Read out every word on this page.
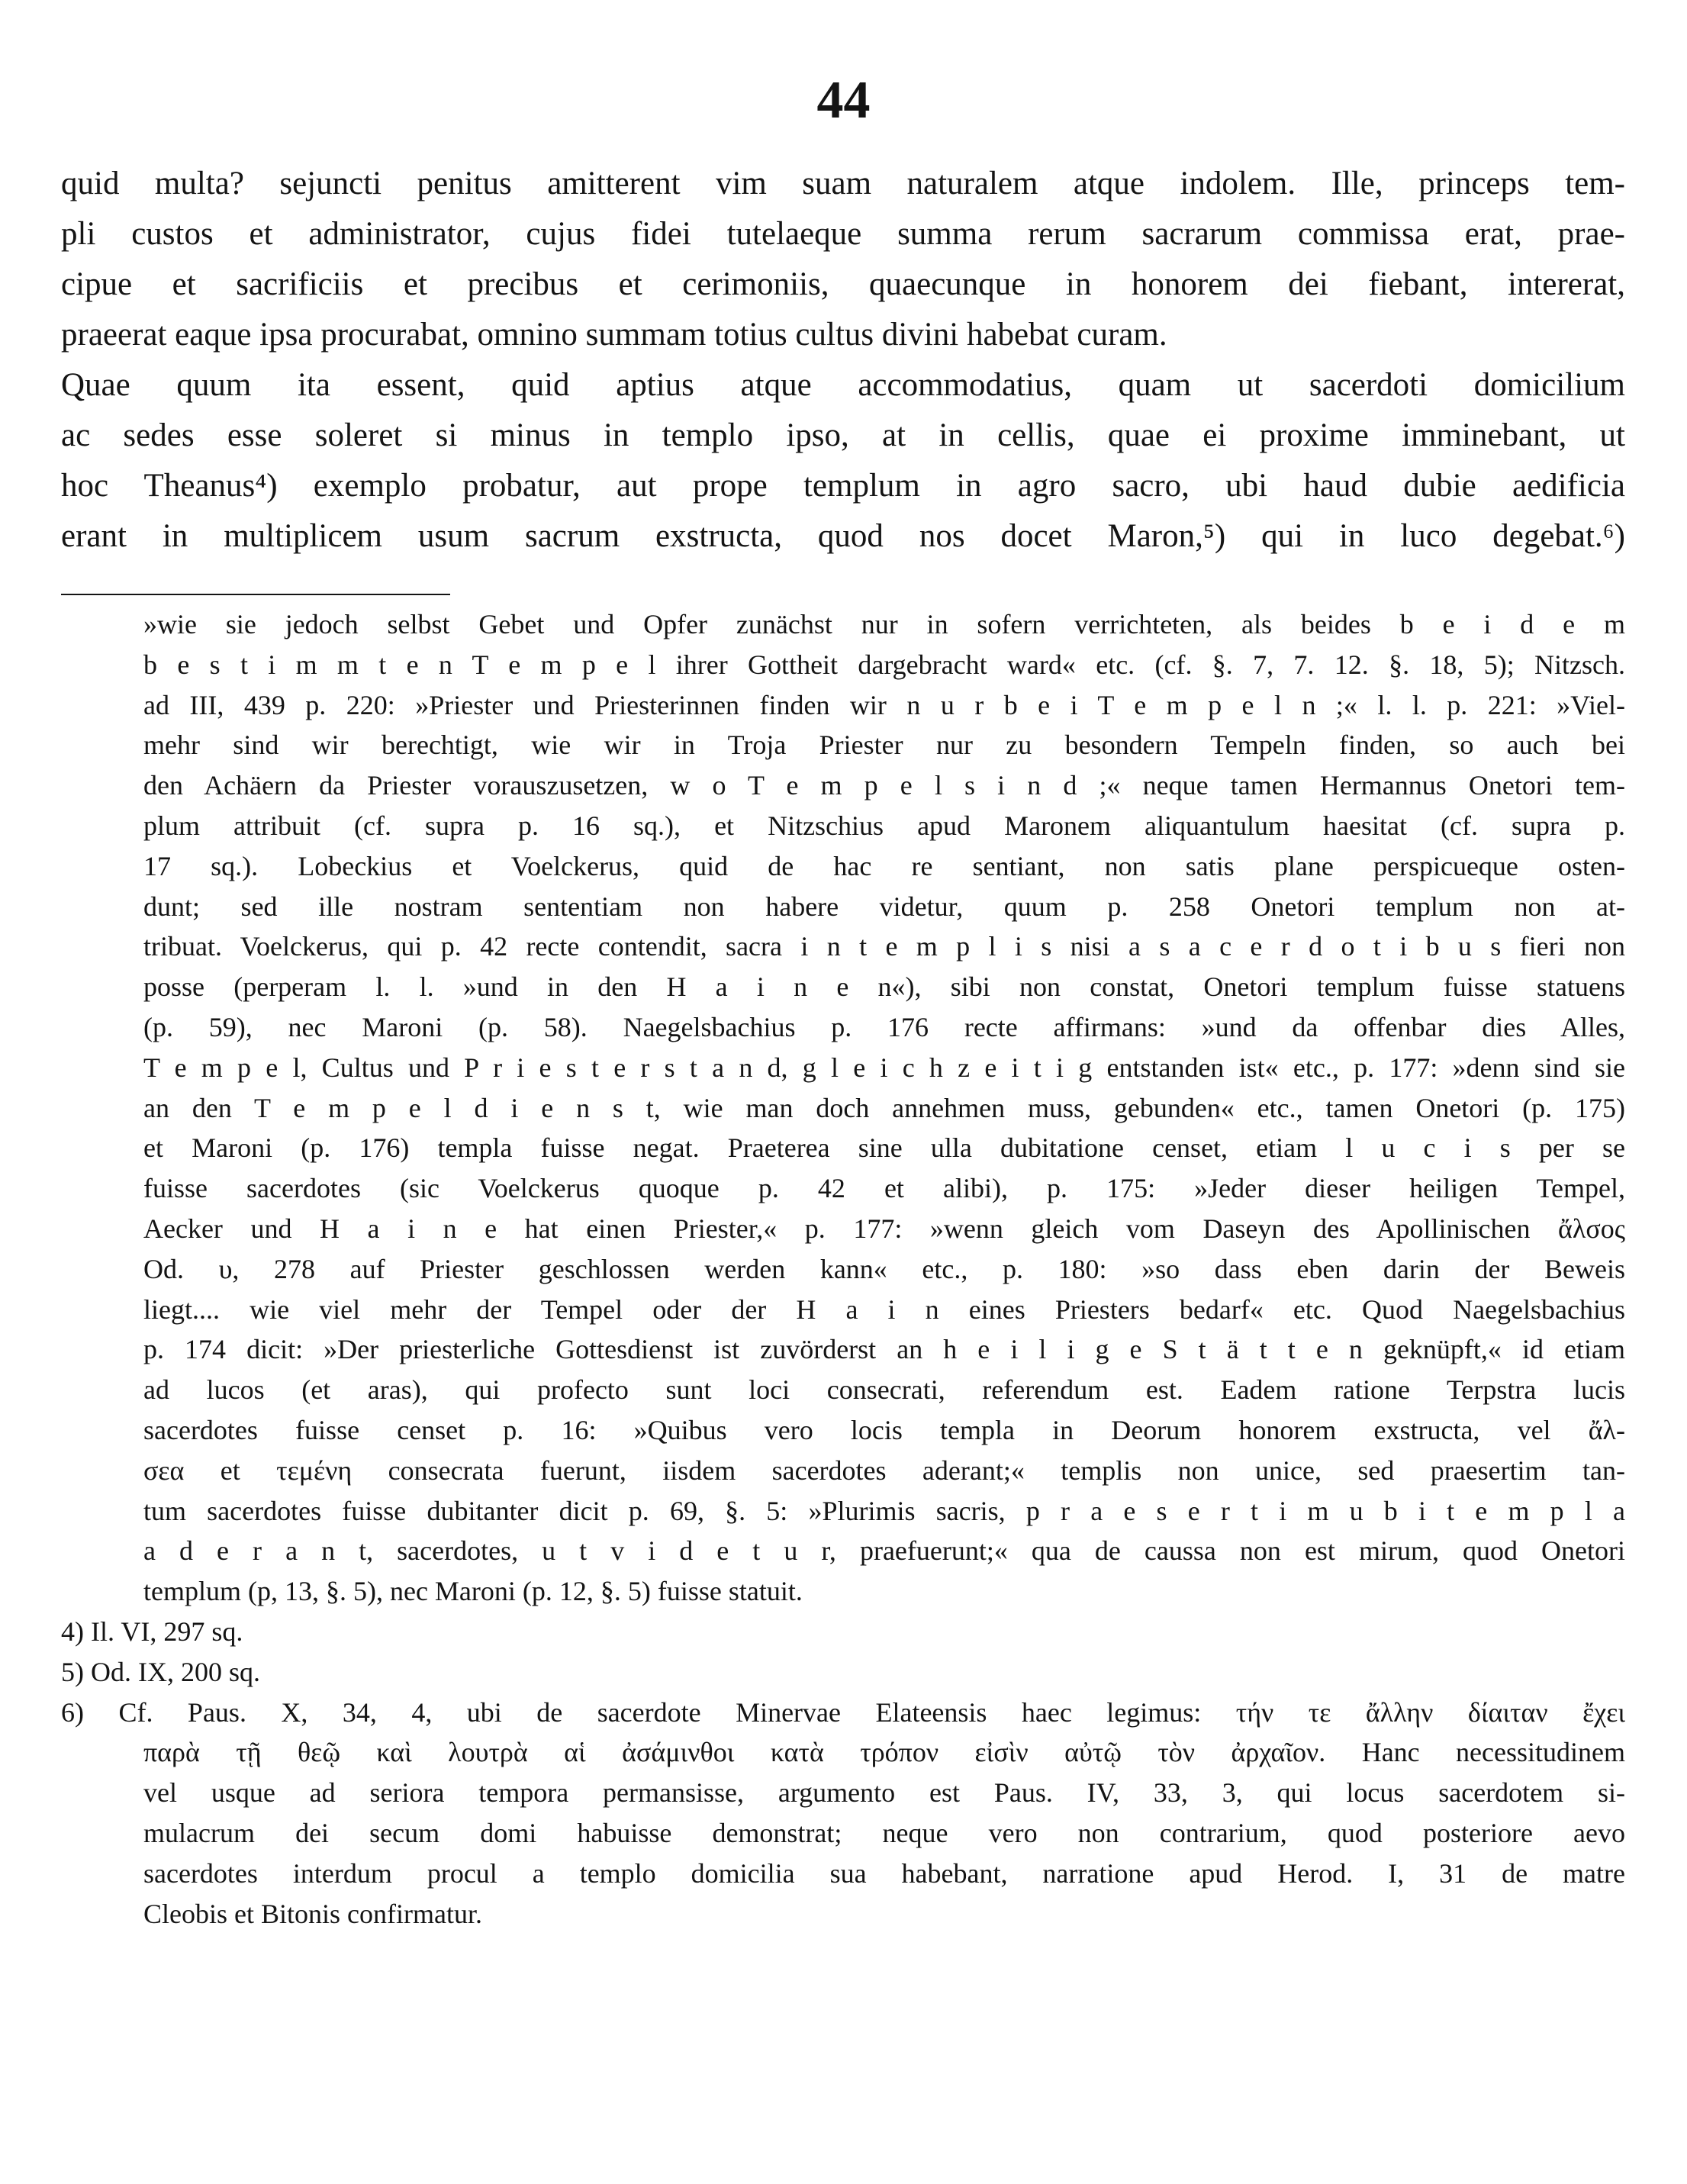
44
quid multa? sejuncti penitus amitterent vim suam naturalem atque indolem. Ille, princeps tem-
pli custos et administrator, cujus fidei tutelaeque summa rerum sacrarum commissa erat, prae-
cipue et sacrificiis et precibus et cerimoniis, quaecunque in honorem dei fiebant, intererat,
praeerat eaque ipsa procurabat, omnino summam totius cultus divini habebat curam.
Quae quum ita essent, quid aptius atque accommodatius, quam ut sacerdoti domicilium
ac sedes esse soleret si minus in templo ipso, at in cellis, quae ei proxime imminebant, ut
hoc Theanus⁴) exemplo probatur, aut prope templum in agro sacro, ubi haud dubie aedificia
erant in multiplicem usum sacrum exstructa, quod nos docet Maron,⁵) qui in luco degebat.⁶)
»wie sie jedoch selbst Gebet und Opfer zunächst nur in sofern verrichteten, als beides b e i d e m
b e s t i m m t e n T e m p e l ihrer Gottheit dargebracht ward« etc. (cf. §. 7, 7. 12. §. 18, 5); Nitzsch.
ad III, 439 p. 220: »Priester und Priesterinnen finden wir n u r b e i T e m p e l n ;« l. l. p. 221: »Viel-
mehr sind wir berechtigt, wie wir in Troja Priester nur zu besondern Tempeln finden, so auch bei
den Achäern da Priester vorauszusetzen, w o T e m p e l s i n d ;« neque tamen Hermannus Onetori tem-
plum attribuit (cf. supra p. 16 sq.), et Nitzschius apud Maronem aliquantulum haesitat (cf. supra p.
17 sq.). Lobeckius et Voelckerus, quid de hac re sentiant, non satis plane perspicueque osten-
dunt; sed ille nostram sententiam non habere videtur, quum p. 258 Onetori templum non at-
tribuat. Voelckerus, qui p. 42 recte contendit, sacra i n t e m p l i s nisi a s a c e r d o t i b u s fieri non
posse (perperam l. l. »und in den H a i n e n«), sibi non constat, Onetori templum fuisse statuens
(p. 59), nec Maroni (p. 58). Naegelsbachius p. 176 recte affirmans: »und da offenbar dies Alles,
T e m p e l, Cultus und P r i e s t e r s t a n d, g l e i c h z e i t i g entstanden ist« etc., p. 177: »denn sind sie
an den T e m p e l d i e n s t, wie man doch annehmen muss, gebunden« etc., tamen Onetori (p. 175)
et Maroni (p. 176) templa fuisse negat. Praeterea sine ulla dubitatione censet, etiam l u c i s per se
fuisse sacerdotes (sic Voelckerus quoque p. 42 et alibi), p. 175: »Jeder dieser heiligen Tempel,
Aecker und H a i n e hat einen Priester,« p. 177: »wenn gleich vom Daseyn des Apollinischen ἄλσος
Od. υ, 278 auf Priester geschlossen werden kann« etc., p. 180: »so dass eben darin der Beweis
liegt.... wie viel mehr der Tempel oder der H a i n eines Priesters bedarf« etc. Quod Naegelsbachius
p. 174 dicit: »Der priesterliche Gottesdienst ist zuvörderst an h e i l i g e S t ä t t e n geknüpft,« id etiam
ad lucos (et aras), qui profecto sunt loci consecrati, referendum est. Eadem ratione Terpstra lucis
sacerdotes fuisse censet p. 16: »Quibus vero locis templa in Deorum honorem exstructa, vel ἄλ-
σεα et τεμένη consecrata fuerunt, iisdem sacerdotes aderant;« templis non unice, sed praesertim tan-
tum sacerdotes fuisse dubitanter dicit p. 69, §. 5: »Plurimis sacris, p r a e s e r t i m u b i t e m p l a
a d e r a n t, sacerdotes, u t v i d e t u r, praefuerunt;« qua de caussa non est mirum, quod Onetori
templum (p, 13, §. 5), nec Maroni (p. 12, §. 5) fuisse statuit.
4) Il. VI, 297 sq.
5) Od. IX, 200 sq.
6) Cf. Paus. X, 34, 4, ubi de sacerdote Minervae Elateensis haec legimus: τήν τε ἄλλην δίαιταν ἔχει
παρὰ τῇ θεῷ καὶ λουτρὰ αἱ ἀσάμινθοι κατὰ τρόπον εἰσὶν αὐτῷ τὸν ἀρχαῖον. Hanc necessitudinem
vel usque ad seriora tempora permansisse, argumento est Paus. IV, 33, 3, qui locus sacerdotem si-
mulacrum dei secum domi habuisse demonstrat; neque vero non contrarium, quod posteriore aevo
sacerdotes interdum procul a templo domicilia sua habebant, narratione apud Herod. I, 31 de matre
Cleobis et Bitonis confirmatur.
